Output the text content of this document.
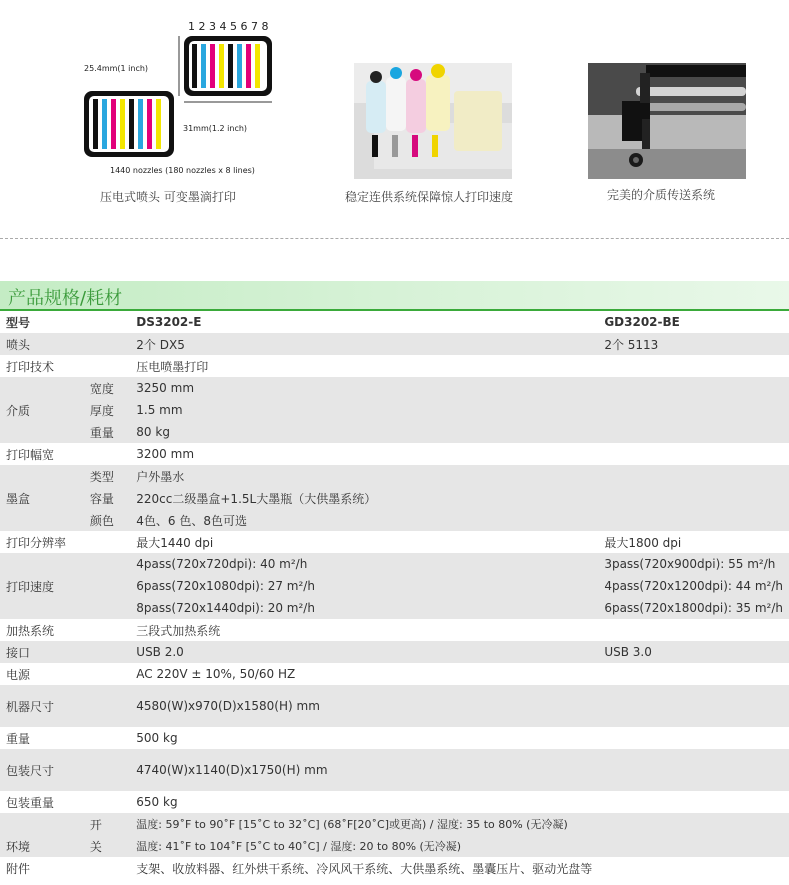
1 2 3 4 5 6 7 8
25.4mm(1 inch)
31mm(1.2 inch)
1440 nozzles (180 nozzles x 8 lines)
压电式喷头 可变墨滴打印	稳定连供系统保障惊人打印速度	完美的介质传送系统
产品规格/耗材
型号		DS3202-E	GD3202-BE
喷头		2个 DX5	2个 5113
打印技术		压电喷墨打印	
	宽度	3250 mm	
介质	厚度	1.5 mm	
	重量	80 kg	
打印幅宽		3200 mm	
	类型	户外墨水	
墨盒	容量	220cc二级墨盒+1.5L大墨瓶（大供墨系统）	
	颜色	4色、6 色、8色可选	
打印分辨率		最大1440 dpi	最大1800 dpi
		4pass(720x720dpi): 40 m²/h	3pass(720x900dpi): 55 m²/h
打印速度		6pass(720x1080dpi): 27 m²/h	4pass(720x1200dpi): 44 m²/h
		8pass(720x1440dpi): 20 m²/h	6pass(720x1800dpi): 35 m²/h
加热系统		三段式加热系统	
接口		USB 2.0	USB 3.0
电源		AC 220V ± 10%, 50/60 HZ	
机器尺寸		4580(W)x970(D)x1580(H) mm	
重量		500 kg	
包装尺寸		4740(W)x1140(D)x1750(H) mm	
包装重量		650 kg	
	开	温度: 59˚F to 90˚F [15˚C to 32˚C] (68˚F[20˚C]或更高) / 湿度: 35 to 80% (无冷凝)	
环境	关	温度: 41˚F to 104˚F [5˚C to 40˚C] / 湿度: 20 to 80% (无冷凝)	
附件		支架、收放料器、红外烘干系统、冷风风干系统、大供墨系统、墨囊压片、驱动光盘等	
